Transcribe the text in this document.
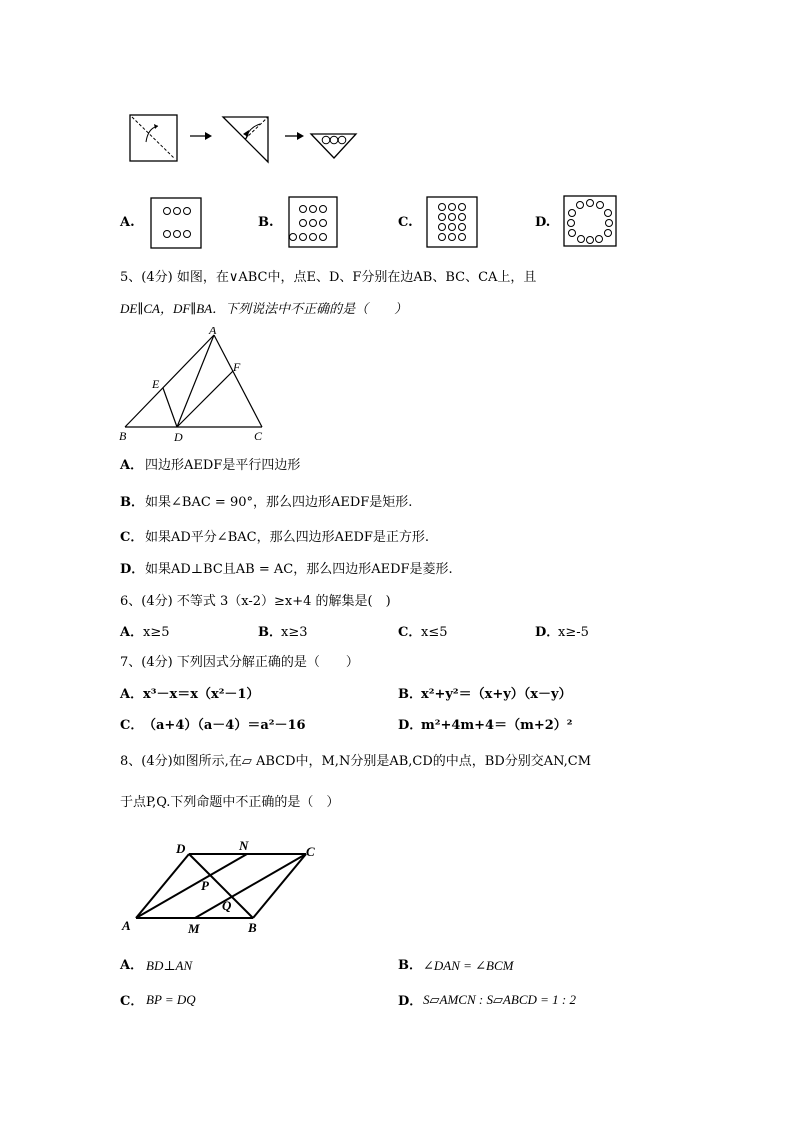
A.	B.	C.	D.
5、(4分) 如图，在∨ABC中，点E、D、F分别在边AB、BC、CA上，且
DE∥CA，DF∥BA．下列说法中不正确的是（　　）
A
E
F
B	D	C
A． 四边形AEDF是平行四边形
B． 如果∠BAC = 90°，那么四边形AEDF是矩形.
C． 如果AD平分∠BAC，那么四边形AEDF是正方形.
D． 如果AD⊥BC且AB = AC，那么四边形AEDF是菱形.
6、(4分) 不等式 3（x-2）≥x+4 的解集是(　)
A． x≥5	B． x≥3	C． x≤5	D．
x≥-5
7、(4分) 下列因式分解正确的是（　　）
A． x³－x＝x（x²－1）	B． x²+y²＝（x+y）（x－y）
C． （a+4）（a－4）＝a²－16	D．
m²+4m+4＝（m+2）²
8、(4分)如图所示,在▱ ABCD中，M,N分别是AB,CD的中点，BD分别交AN,CM
于点P,Q.下列命题中不正确的是（　）
D	N	C
P
Q
A	M	B
A． BD⊥AN	B． ∠DAN = ∠BCM
C． BP = DQ	D． S▱AMCN : S▱ABCD = 1 : 2
